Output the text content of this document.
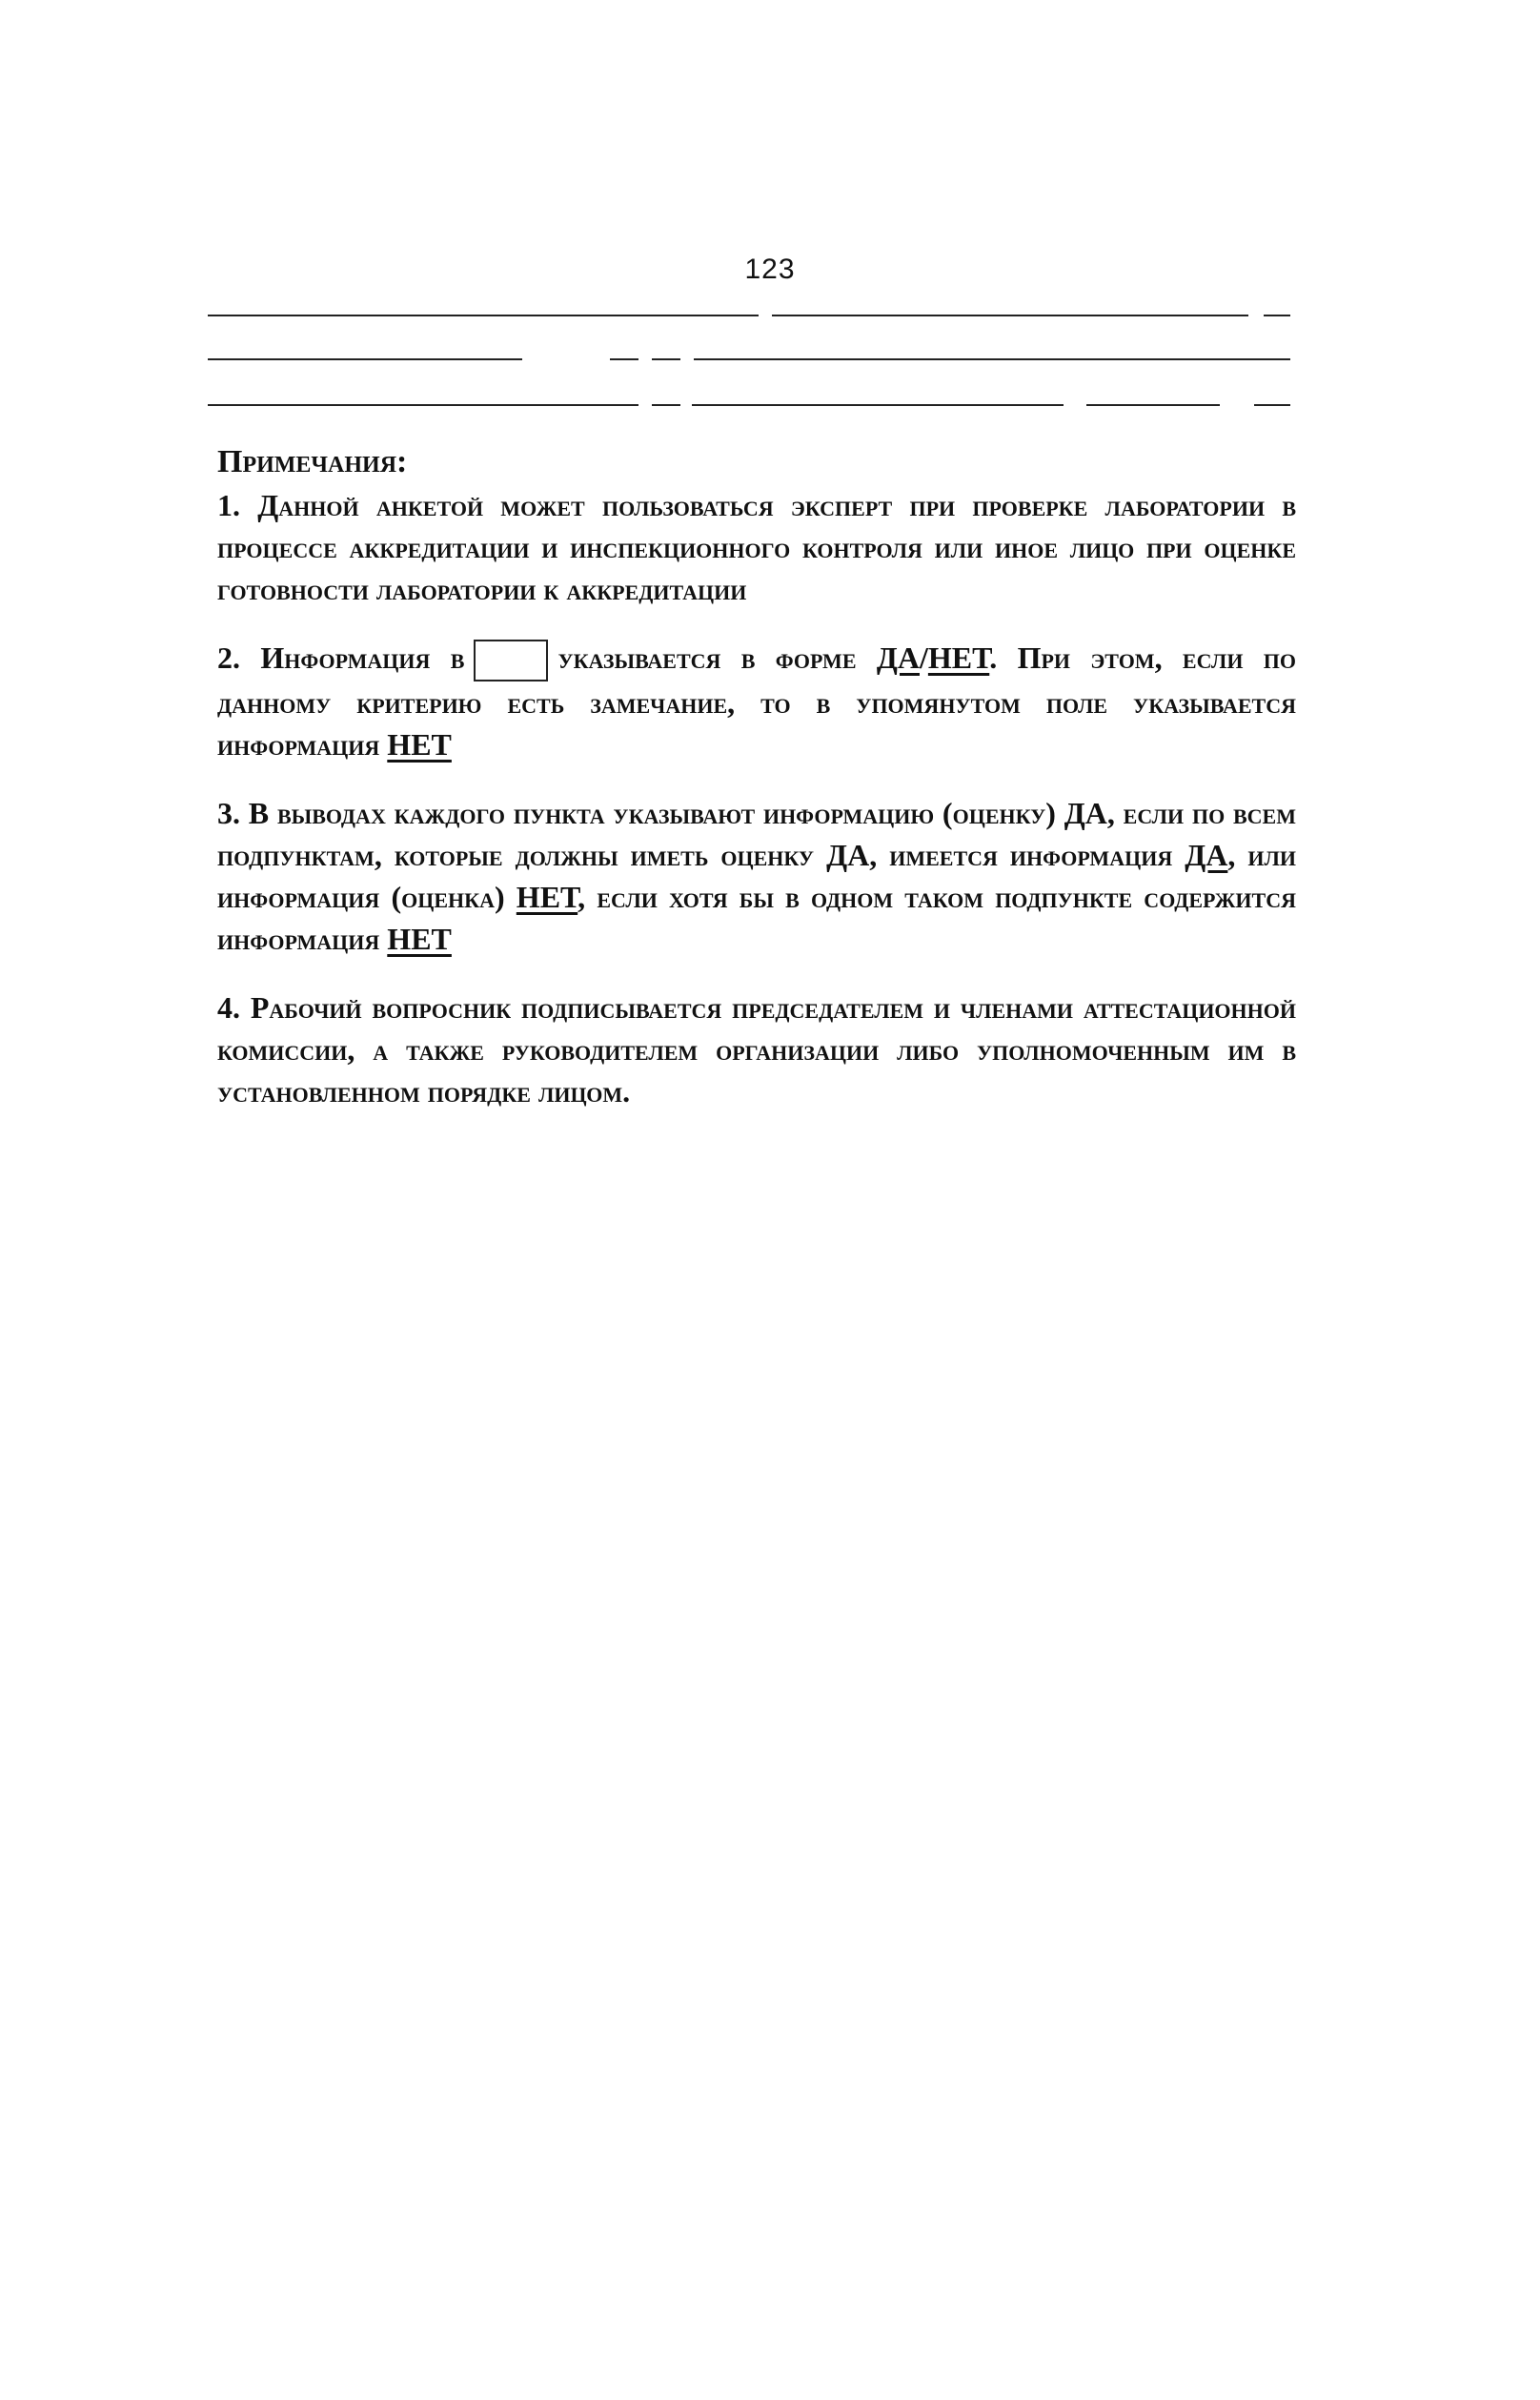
123

Примечания:

1. Данной анкетой может пользоваться эксперт при проверке лаборатории в процессе аккредитации и инспекционного контроля или иное лицо при оценке готовности лаборатории к аккредитации

2. Информация в	указывается в форме ДА/НЕТ. При этом, если по данному критерию есть замечание, то в упомянутом поле указывается информация НЕТ

3. В выводах каждого пункта указывают информацию (оценку) ДА, если по всем подпунктам, которые должны иметь оценку ДА, имеется информация ДА, или информация (оценка) НЕТ, если хотя бы в одном таком подпункте содержится информация НЕТ

4. Рабочий вопросник подписывается председателем и членами аттестационной комиссии, а также руководителем организации либо уполномоченным им в установленном порядке лицом.
